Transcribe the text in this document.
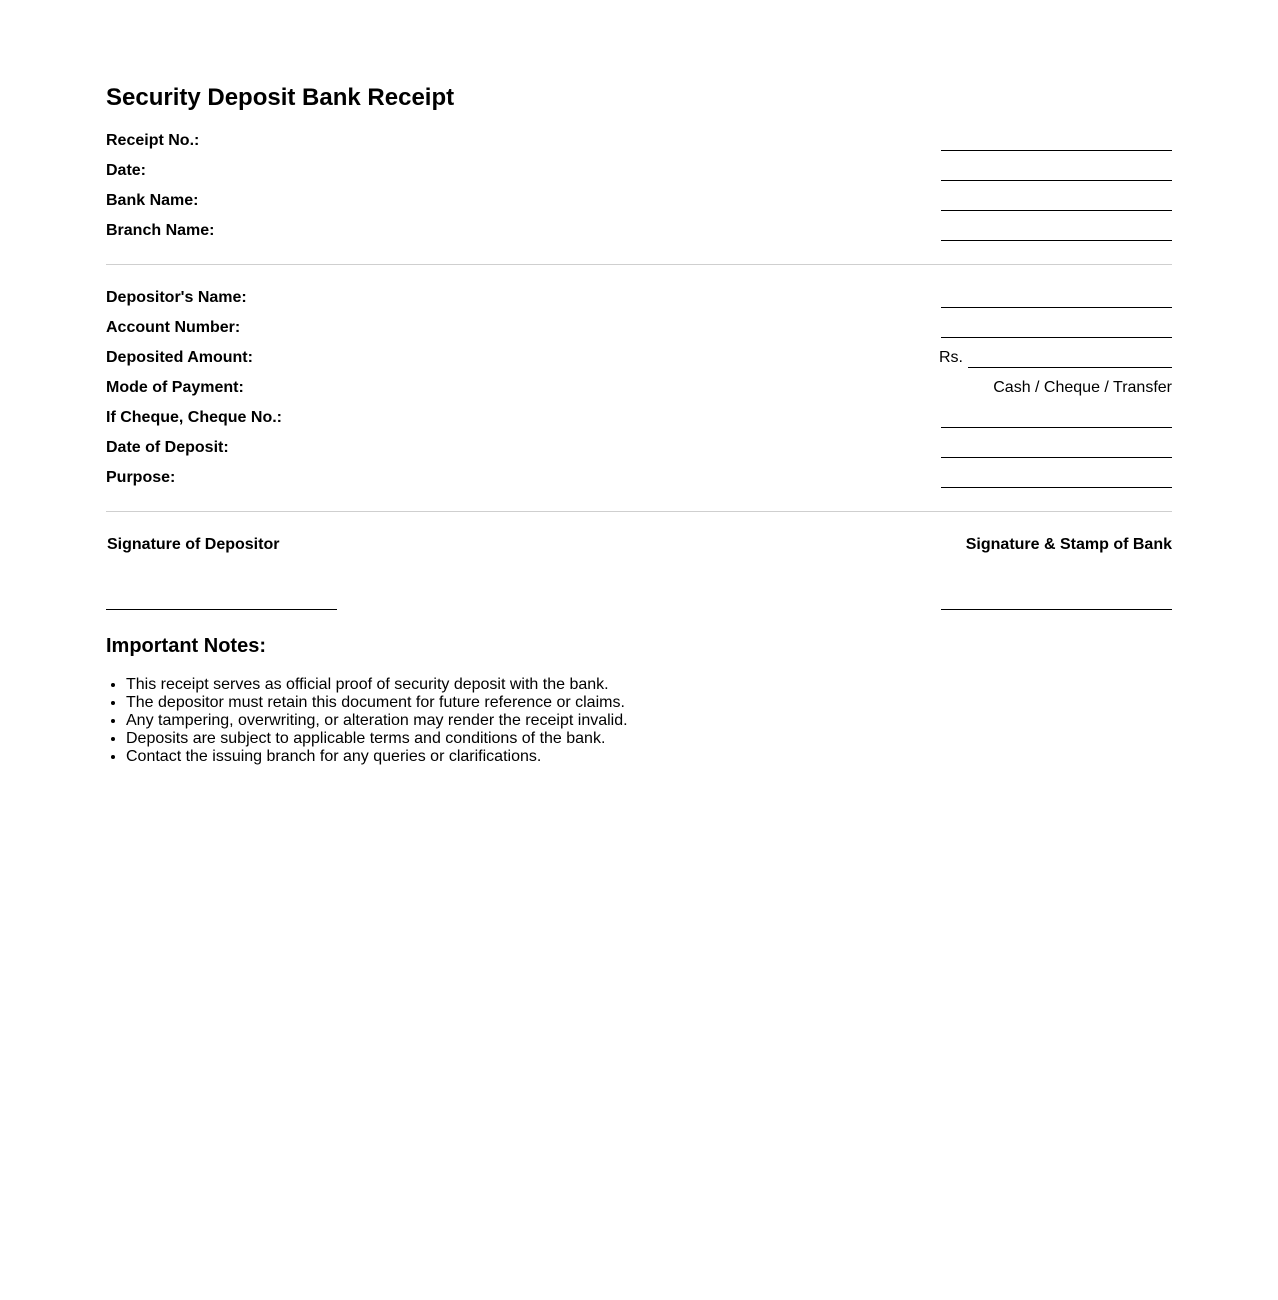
Security Deposit Bank Receipt
Receipt No.:
Date:
Bank Name:
Branch Name:
Depositor's Name:
Account Number:
Deposited Amount:	Rs.
Mode of Payment:	Cash / Cheque / Transfer
If Cheque, Cheque No.:
Date of Deposit:
Purpose:
Signature of Depositor	Signature & Stamp of Bank
Important Notes:
• This receipt serves as official proof of security deposit with the bank.
• The depositor must retain this document for future reference or claims.
• Any tampering, overwriting, or alteration may render the receipt invalid.
• Deposits are subject to applicable terms and conditions of the bank.
• Contact the issuing branch for any queries or clarifications.
